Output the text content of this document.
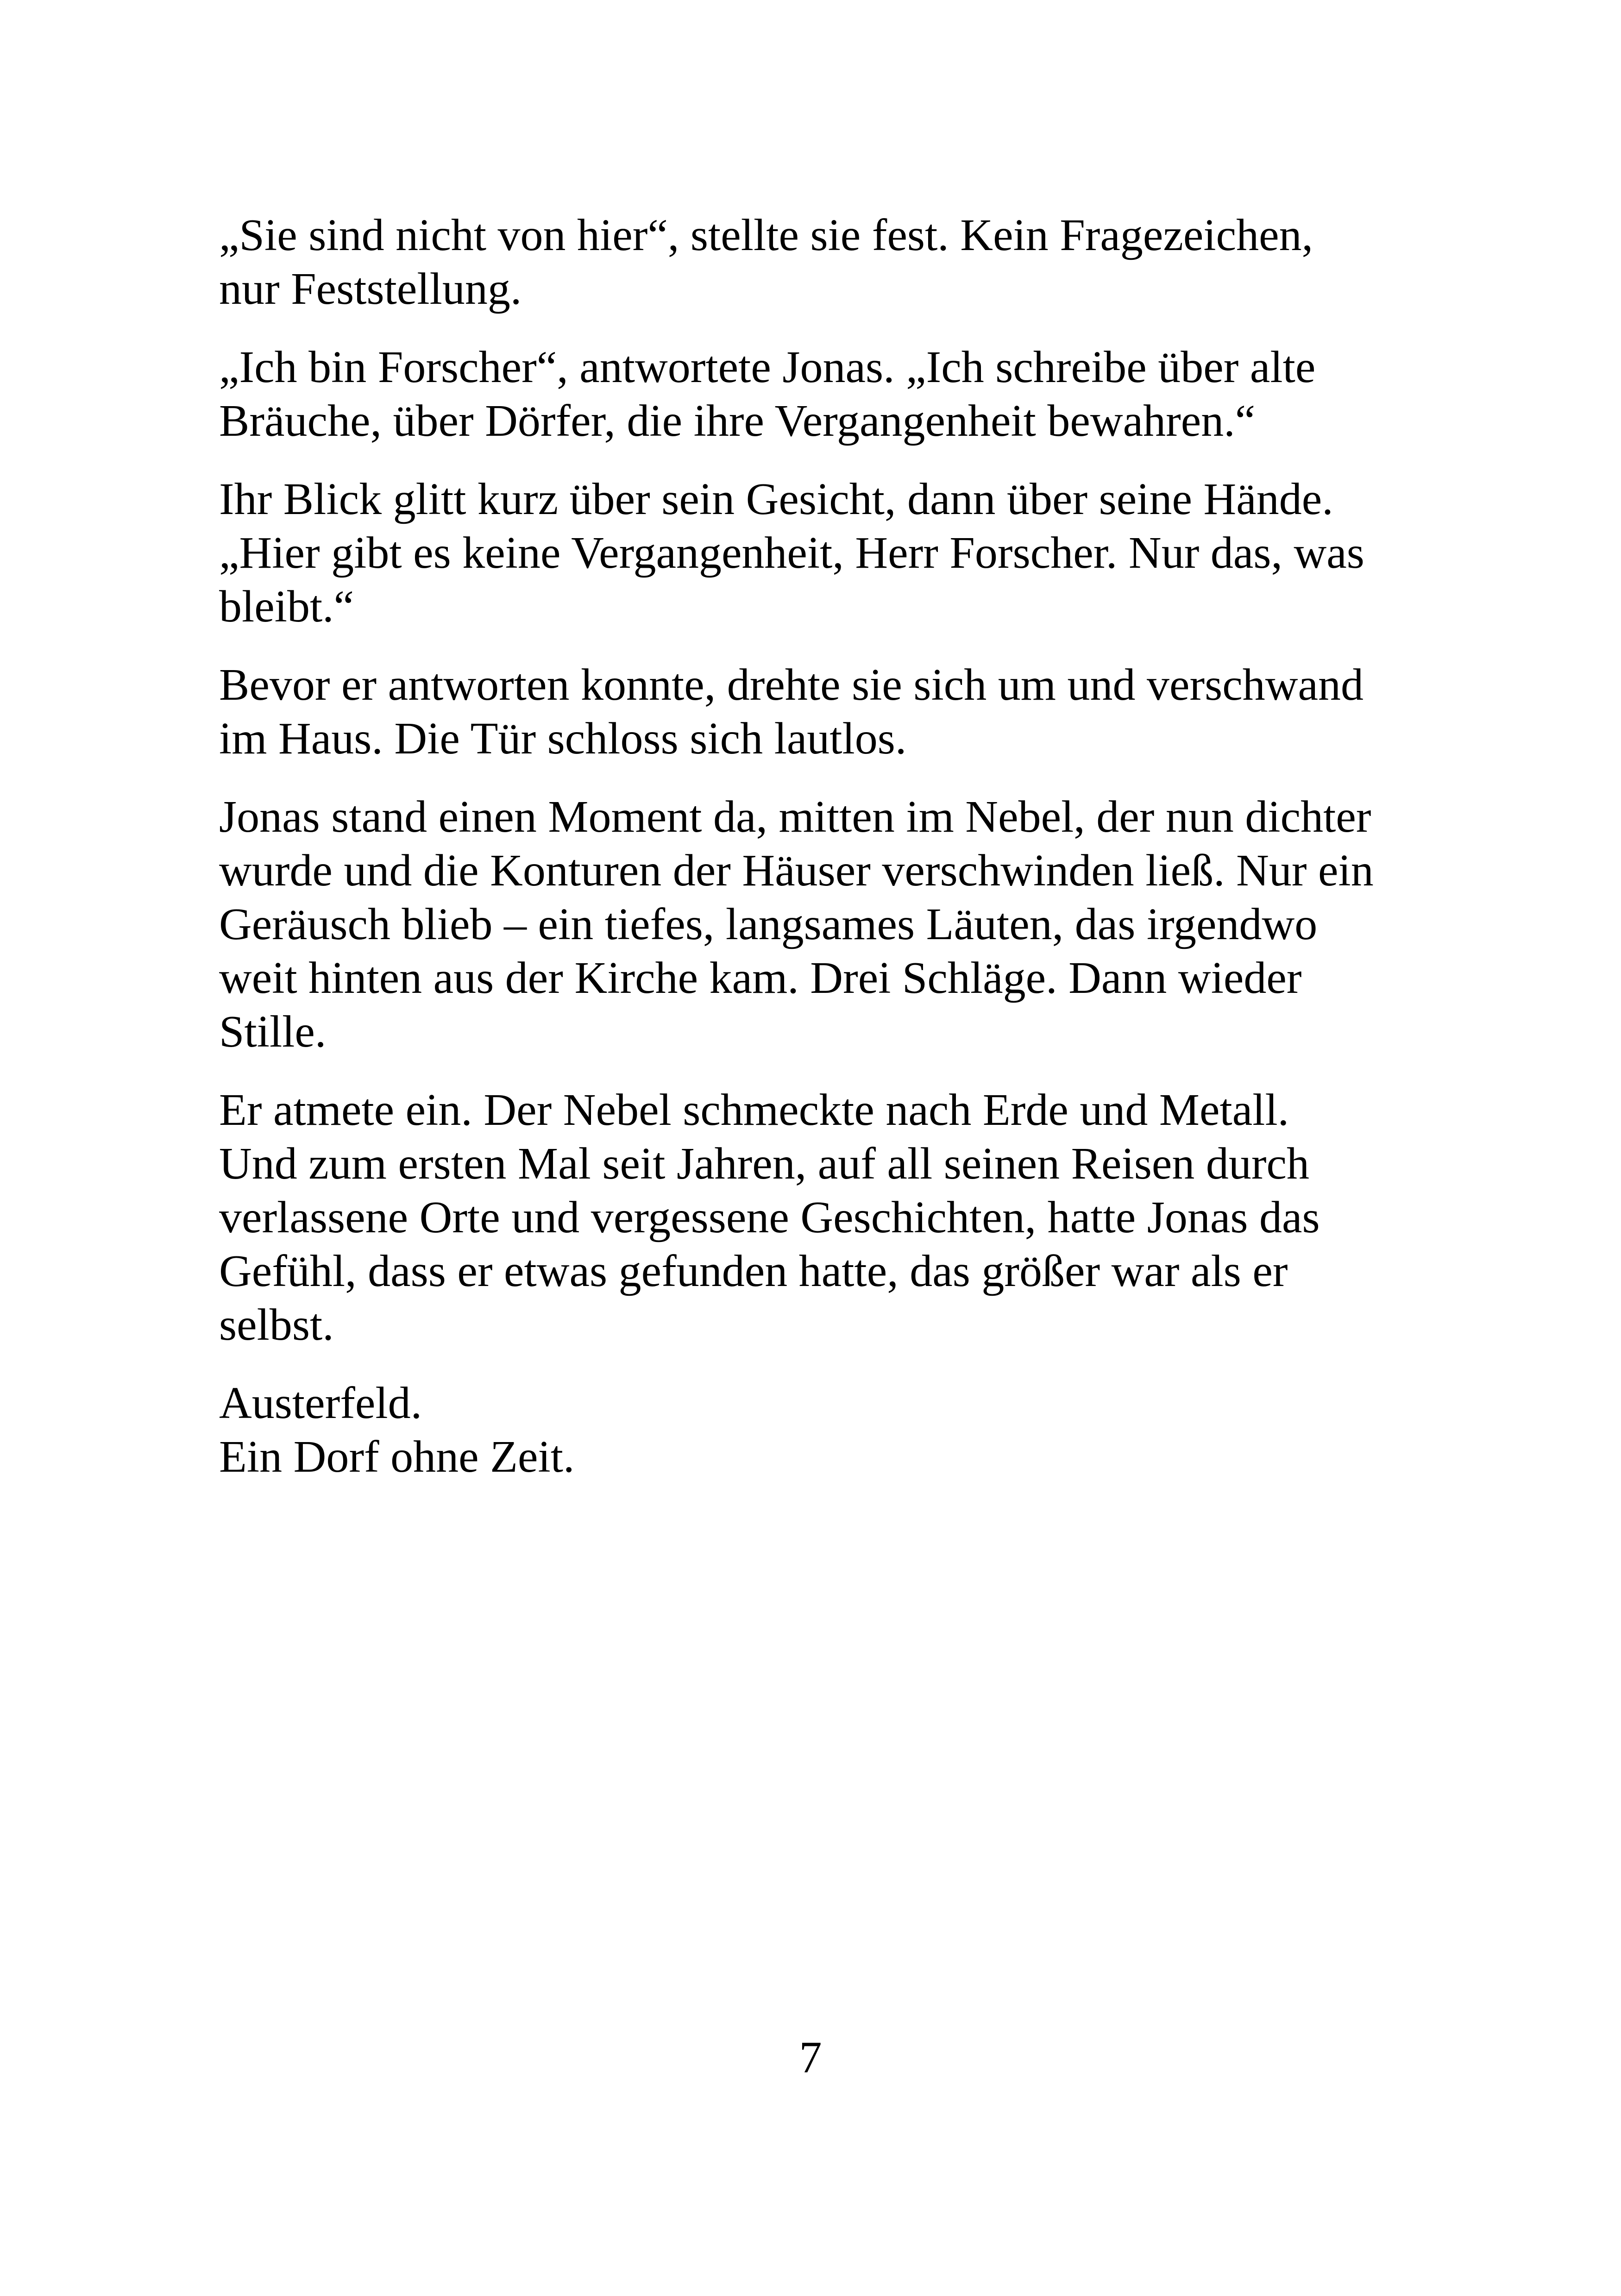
„Sie sind nicht von hier“, stellte sie fest. Kein Fragezeichen,
nur Feststellung.

„Ich bin Forscher“, antwortete Jonas. „Ich schreibe über alte
Bräuche, über Dörfer, die ihre Vergangenheit bewahren.“

Ihr Blick glitt kurz über sein Gesicht, dann über seine Hände.
„Hier gibt es keine Vergangenheit, Herr Forscher. Nur das, was
bleibt.“

Bevor er antworten konnte, drehte sie sich um und verschwand
im Haus. Die Tür schloss sich lautlos.

Jonas stand einen Moment da, mitten im Nebel, der nun dichter
wurde und die Konturen der Häuser verschwinden ließ. Nur ein
Geräusch blieb – ein tiefes, langsames Läuten, das irgendwo
weit hinten aus der Kirche kam. Drei Schläge. Dann wieder
Stille.

Er atmete ein. Der Nebel schmeckte nach Erde und Metall.
Und zum ersten Mal seit Jahren, auf all seinen Reisen durch
verlassene Orte und vergessene Geschichten, hatte Jonas das
Gefühl, dass er etwas gefunden hatte, das größer war als er
selbst.

Austerfeld.
Ein Dorf ohne Zeit.

7
